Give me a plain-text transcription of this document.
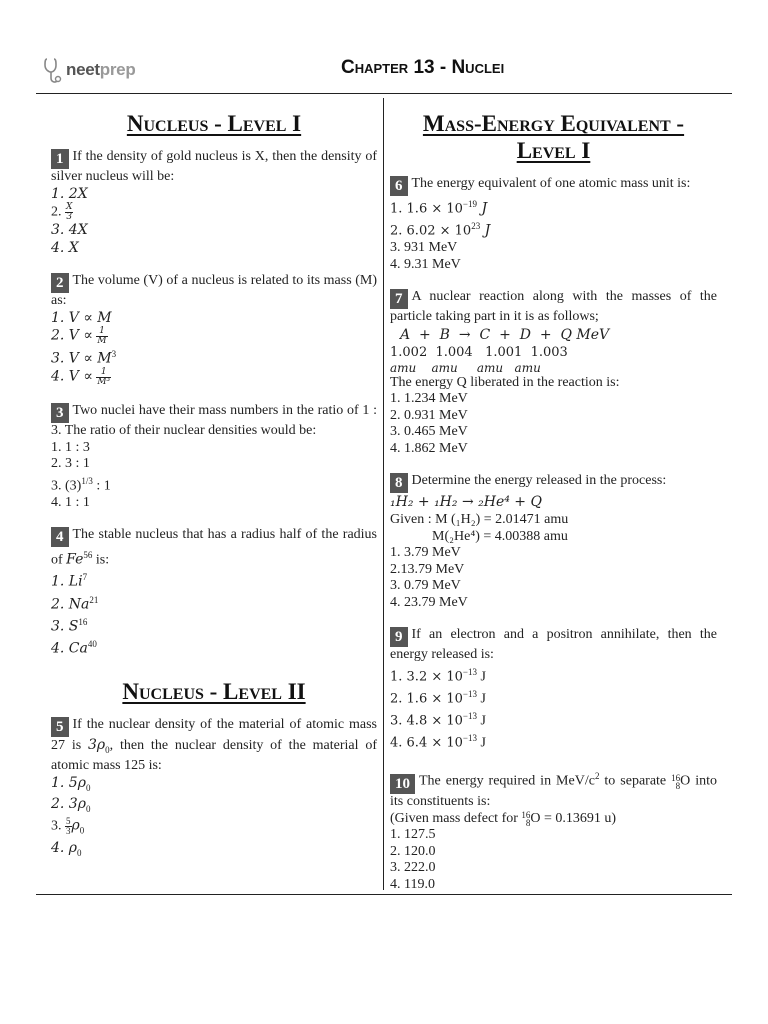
neetprep	Chapter 13 - Nuclei
Nucleus - Level I

1 If the density of gold nucleus is X, then the density of silver nucleus will be:

1. 2X
2. $\frac{X}{3}$
3. 4X
4. X

2 The volume (V) of a nucleus is related to its mass (M) as:

1. V ∝ M
2. $V \propto \frac{1}{M}$
3. $V \propto M^3$
4. $V \propto \frac{1}{\text{M³}}$

3 Two nuclei have their mass numbers in the ratio of 1 : 3. The ratio of their nuclear densities would be:

1. 1 : 3
2. 3 : 1
3. $(3)^{1/3}$ : 1
4. 1 : 1

4 The stable nucleus that has a radius half of the radius of Fe$^{56}$ is:

1. Li$^7$
2. Na$^{21}$
3. $S^{16}$
4. Ca$^{40}$
Nucleus - Level II

5 If the nuclear density of the material of atomic mass 27 is $3\rho_0$, then the nuclear density of the material of atomic mass 125 is:

1. $5\rho_0$
2. $3\rho_0$
3. $\frac{5}{3} \rho_0$
4. $\rho_0$
Mass-Energy Equivalent - Level I

6 The energy equivalent of one atomic mass unit is:

1. $1.6 \times 10^{-19}$ J
2. $6.02 \times 10^{23}$ J
3. 931 MeV
4. 9.31 MeV

7 A nuclear reaction along with the masses of the particle taking part in it is as follows;

A  +  B  →  C  +  D  +  Q MeV
1.002  1.004   1.001  1.003
amu    amu     amu   amu
The energy Q liberated in the reaction is:
1. 1.234 MeV
2. 0.931 MeV
3. 0.465 MeV
4. 1.862 MeV

8 Determine the energy released in the process:

₁H₂ + ₁H₂ → ₂He⁴ + Q
Given : M (₁H₂) = 2.01471 amu
M(₂He⁴) = 4.00388 amu
1. 3.79 MeV
2.13.79 MeV
3. 0.79 MeV
4. 23.79 MeV

9 If an electron and a positron annihilate, then the energy released is:

1. $3.2 \times 10^{-13}$ J
2. $1.6 \times 10^{-13}$ J
3. $4.8 \times 10^{-13}$ J
4. $6.4 \times 10^{-13}$ J

10 The energy required in MeV/$c^2$ to separate 16
8 O into its constituents is:

(Given mass defect for 16
8 O = 0.13691 u)
1. 127.5
2. 120.0
3. 222.0
4. 119.0
